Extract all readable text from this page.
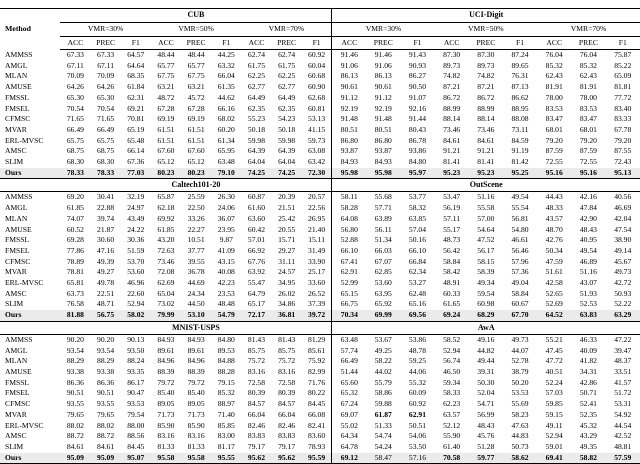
Method	CUB									UCI-Digit								
	VMR=30%			VMR=50%			VMR=70%			VMR=30%			VMR=50%			VMR=70%		
	ACC	PREC	F1	ACC	PREC	F1	ACC	PREC	F1	ACC	PREC	F1	ACC	PREC	F1	ACC	PREC	F1
AMMSS	67.33	67.33	64.57	48.44	48.44	44.25	62.74	62.74	60.92	91.46	91.46	91.43	87.30	87.30	87.24	76.04	76.04	75.87
AMGL	67.11	67.11	64.64	65.77	65.77	63.32	61.75	61.75	60.04	91.06	91.06	90.93	89.73	89.73	89.65	85.32	85.32	85.22
MLAN	70.09	70.09	68.35	67.75	67.75	66.04	62.25	62.25	60.68	86.13	86.13	86.27	74.82	74.82	76.31	62.43	62.43	65.09
AMUSE	64.26	64.26	61.84	63.21	63.21	61.35	62.77	62.77	60.90	90.61	90.61	90.50	87.21	87.21	87.13	81.91	81.91	81.81
FMSSL	65.30	65.30	62.31	48.72	45.72	44.62	64.49	64.49	62.68	91.12	91.12	91.07	86.72	86.72	86.62	78.00	78.00	77.72
FMSEL	70.54	70.54	69.21	67.28	67.28	66.16	62.35	62.35	60.81	92.19	92.19	92.16	88.99	88.99	88.95	83.53	83.53	83.40
CFMSC	71.65	71.65	70.81	69.19	69.19	68.02	55.23	54.23	53.13	91.48	91.48	91.44	88.14	88.14	88.08	83.47	83.47	83.33
MVAR	66.49	66.49	65.19	61.51	61.51	60.20	50.18	50.18	41.15	80.51	80.51	80.43	73.46	73.46	73.11	68.01	68.01	67.78
ERL-MVSC	65.75	65.75	65.48	61.51	61.51	61.34	59.98	59.98	59.73	86.80	86.80	86.78	84.61	84.61	84.59	79.20	79.20	79.20
AMSC	68.75	68.75	66.14	67.60	67.60	65.95	64.39	64.39	63.08	93.87	93.87	93.86	91.21	91.21	91.19	87.59	87.59	87.55
SLIM	68.30	68.30	67.36	65.12	65.12	63.48	64.04	64.04	63.42	84.93	84.93	84.80	81.41	81.41	81.42	72.55	72.55	72.43
Ours	78.33	78.33	77.03	80.23	80.23	79.10	74.25	74.25	72.30	95.98	95.98	95.97	95.23	95.23	95.25	95.16	95.16	95.13
	Caltech101-20									OutScene								
AMMSS	69.20	30.41	32.19	65.87	25.59	26.30	60.87	20.39	20.57	58.11	55.68	53.77	53.47	51.16	49.54	44.43	42.16	40.56
AMGL	61.85	22.88	24.97	62.18	22.50	24.06	61.60	21.51	22.56	58.28	57.71	58.32	56.19	55.58	55.54	48.33	47.84	46.69
MLAN	74.07	39.74	43.49	69.92	33.26	36.07	63.60	25.42	26.95	64.08	63.89	63.85	57.11	57.00	56.81	43.57	42.90	42.04
AMUSE	60.52	21.87	24.22	61.85	22.27	23.95	60.42	20.55	21.40	56.80	56.11	57.04	55.17	54.64	54.80	48.70	48.43	47.54
FMSSL	69.28	30.60	30.36	43.20	10.51	9.87	57.01	15.71	15.11	52.88	51.34	50.16	48.73	47.52	46.61	42.76	40.95	38.90
FMSEL	77.86	47.16	51.59	72.63	37.77	41.09	66.92	29.27	31.49	66.10	66.03	66.10	56.42	56.17	56.46	50.34	49.54	49.14
CFMSC	78.89	49.39	53.70	73.46	39.55	43.15	67.76	31.11	33.90	67.41	67.07	66.84	58.84	58.15	57.96	47.59	46.89	45.67
MVAR	78.81	49.27	53.60	72.08	36.78	40.08	63.92	24.57	25.17	62.91	62.85	62.34	58.42	58.39	57.36	51.61	51.16	49.73
ERL-MVSC	65.81	49.78	46.96	62.69	44.69	42.23	55.47	34.95	33.60	52.99	53.60	53.27	48.91	49.34	49.04	42.58	43.07	42.72
AMSC	63.73	22.51	22.60	65.04	24.34	23.53	64.79	26.02	26.52	65.15	63.95	62.48	60.33	59.54	58.84	52.65	51.93	50.93
SLIM	76.58	48.71	52.94	73.02	44.50	48.48	65.17	34.86	37.39	66.75	65.92	65.16	61.65	60.98	60.67	52.69	52.53	52.22
Ours	81.88	56.75	58.02	79.99	53.10	54.79	72.17	36.81	39.72	70.34	69.99	69.56	69.24	68.29	67.70	64.52	63.83	63.29
	MNIST-USPS									AwA								
AMMSS	90.20	90.20	90.13	84.93	84.93	84.80	81.43	81.43	81.29	63.48	53.67	53.86	58.52	49.16	49.73	55.21	46.33	47.22
AMGL	93.54	93.54	93.50	89.61	89.61	89.53	85.75	85.75	85.61	57.74	49.25	48.78	52.94	44.82	44.07	47.45	40.09	39.47
MLAN	88.29	88.29	88.24	84.96	84.96	84.88	75.72	75.72	75.92	66.49	58.22	59.25	56.74	49.44	52.78	47.72	41.82	48.37
AMUSE	93.38	93.38	93.35	88.39	88.39	88.28	83.16	83.16	82.99	51.44	44.02	44.06	46.50	39.31	38.79	40.51	34.31	33.51
FMSSL	86.36	86.36	86.17	79.72	79.72	79.15	72.58	72.58	71.76	65.60	55.79	55.32	59.34	50.30	50.20	52.24	42.86	41.57
FMSEL	90.51	90.51	90.47	85.40	85.40	85.32	80.39	80.39	80.22	65.32	58.86	60.09	58.33	52.04	53.53	57.03	50.71	51.72
CFMSC	93.55	93.55	93.53	89.05	89.05	88.97	84.57	84.57	84.45	67.24	59.88	60.92	62.23	54.71	55.69	59.85	52.41	53.31
MVAR	79.65	79.65	79.54	71.73	71.73	71.40	66.04	66.04	66.08	69.07	61.87	62.91	63.57	56.99	58.23	59.15	52.35	54.92
ERL-MVSC	88.02	88.02	88.00	85.90	85.90	85.85	82.46	82.46	82.41	55.02	51.33	50.51	52.12	48.43	47.63	49.11	45.32	44.54
AMSC	88.72	88.72	88.56	83.16	83.16	83.00	83.83	83.83	83.60	64.34	54.74	54.06	55.90	45.76	44.83	52.94	43.29	42.52
SLIM	84.61	84.61	84.45	81.33	81.33	81.17	79.17	79.17	78.93	64.78	54.24	53.50	61.40	51.28	50.73	59.01	49.35	48.81
Ours	95.09	95.09	95.07	95.58	95.58	95.55	95.62	95.62	95.59	69.12	58.47	57.16	70.58	59.77	58.62	69.41	58.82	57.59
